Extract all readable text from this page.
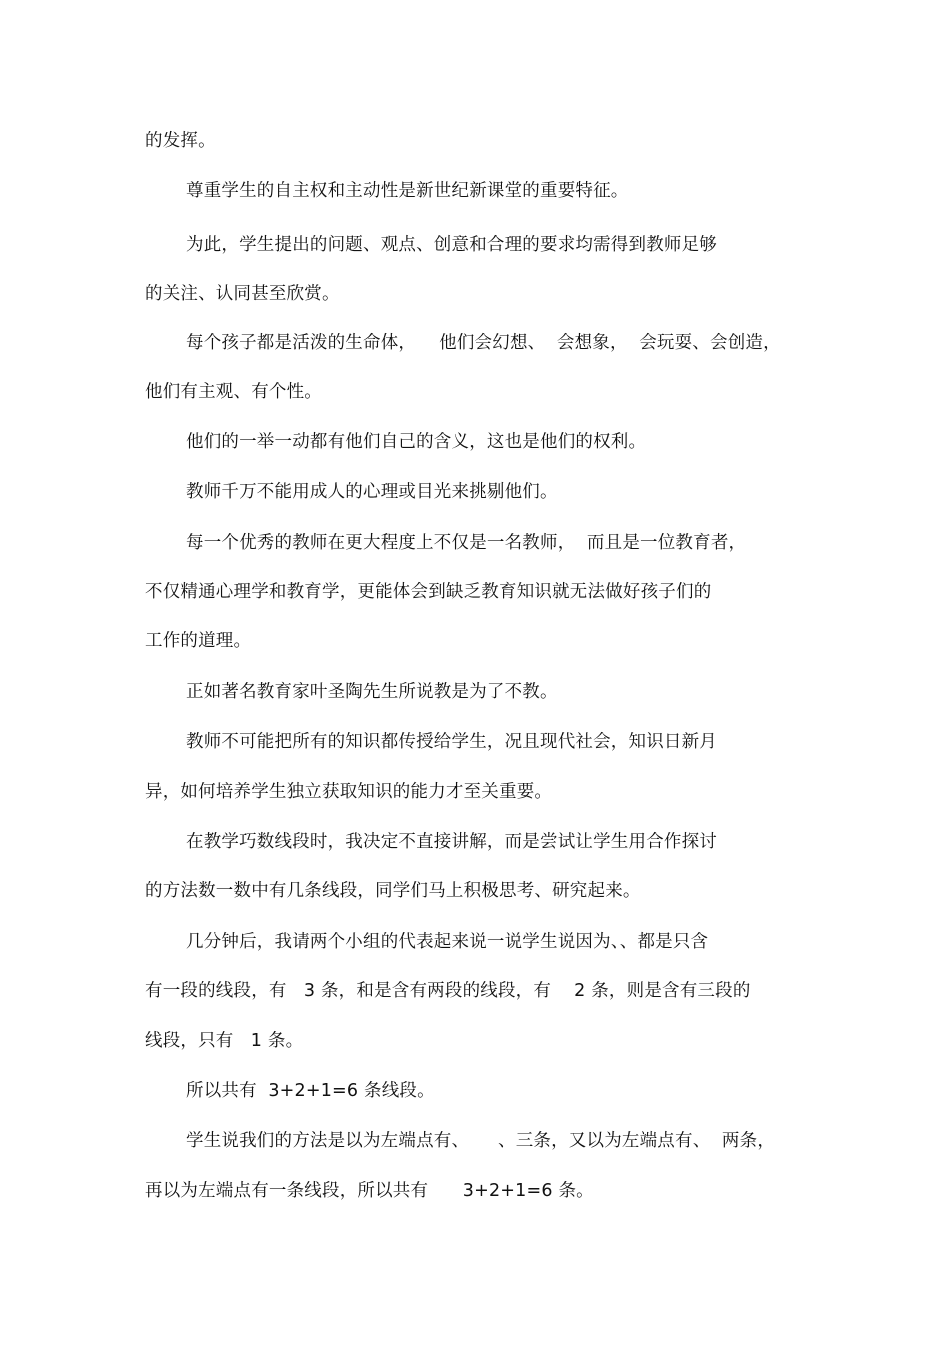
的发挥。
尊重学生的自主权和主动性是新世纪新课堂的重要特征。
为此，学生提出的问题、观点、创意和合理的要求均需得到教师足够
的关注、认同甚至欣赏。
每个孩子都是活泼的生命体，    他们会幻想、  会想象，  会玩耍、会创造，
他们有主观、有个性。
他们的一举一动都有他们自己的含义，这也是他们的权利。
教师千万不能用成人的心理或目光来挑剔他们。
每一个优秀的教师在更大程度上不仅是一名教师，  而且是一位教育者，
不仅精通心理学和教育学，更能体会到缺乏教育知识就无法做好孩子们的
工作的道理。
正如著名教育家叶圣陶先生所说教是为了不教。
教师不可能把所有的知识都传授给学生，况且现代社会，知识日新月
异，如何培养学生独立获取知识的能力才至关重要。
在教学巧数线段时，我决定不直接讲解，而是尝试让学生用合作探讨
的方法数一数中有几条线段，同学们马上积极思考、研究起来。
几分钟后，我请两个小组的代表起来说一说学生说因为、、都是只含
有一段的线段，有   3 条，和是含有两段的线段，有    2 条，则是含有三段的
线段，只有   1 条。
所以共有  3+2+1=6 条线段。
学生说我们的方法是以为左端点有、     、三条，又以为左端点有、  两条，
再以为左端点有一条线段，所以共有      3+2+1=6 条。
